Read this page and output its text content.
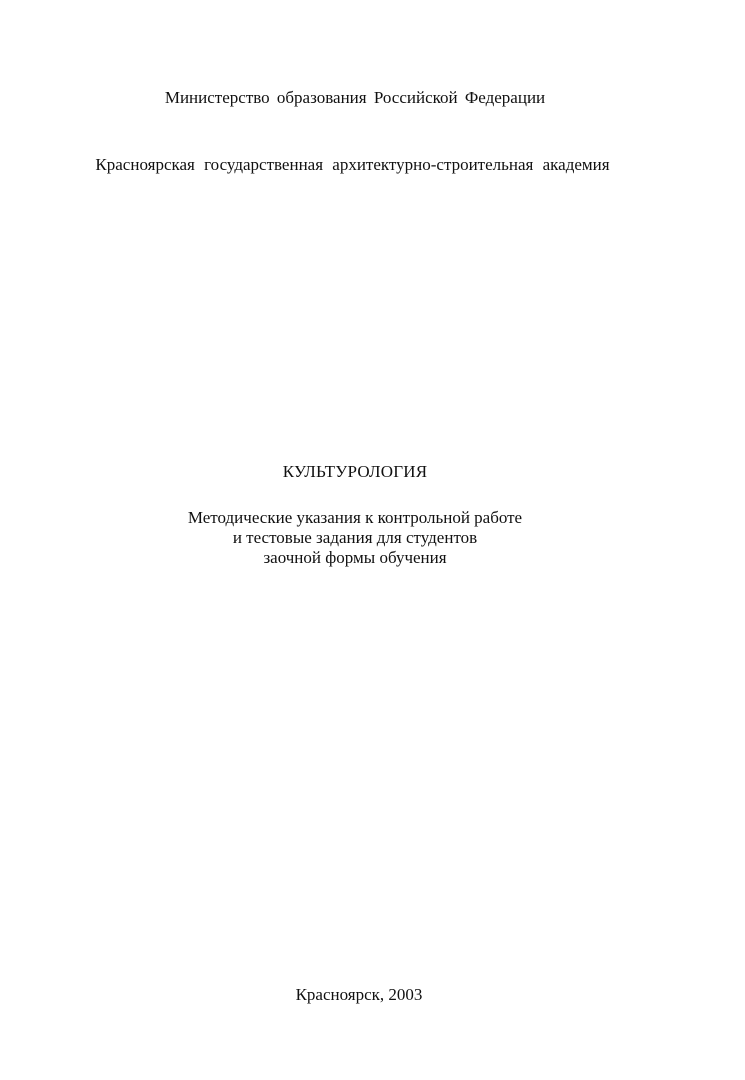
Министерство образования Российской Федерации
Красноярская государственная архитектурно-строительная академия
КУЛЬТУРОЛОГИЯ
Методические указания к контрольной работе
и тестовые задания для студентов
заочной формы обучения
Красноярск, 2003
